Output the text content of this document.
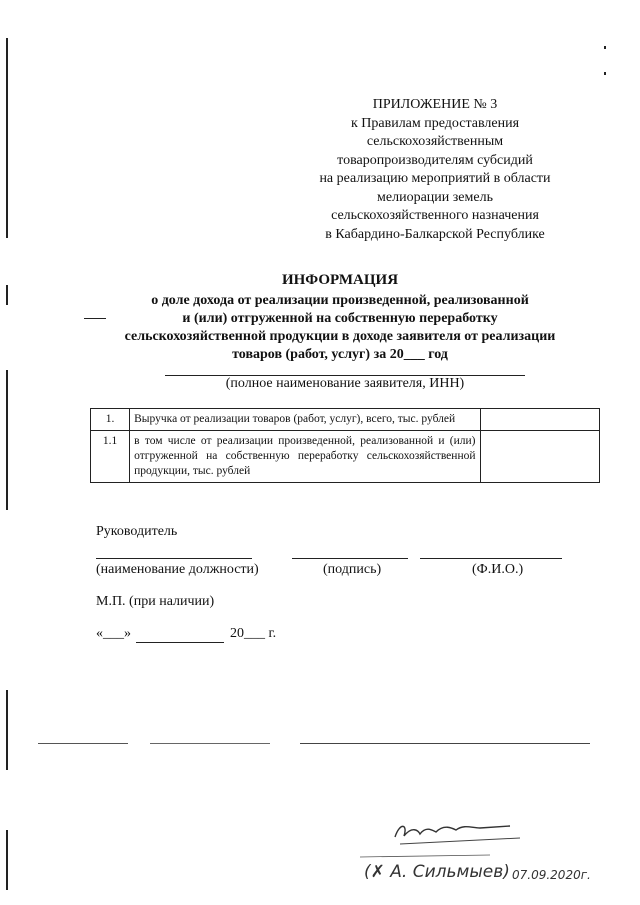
ПРИЛОЖЕНИЕ № 3
к Правилам предоставления
сельскохозяйственным
товаропроизводителям субсидий
на реализацию мероприятий в области
мелиорации земель
сельскохозяйственного назначения
в Кабардино-Балкарской Республике
ИНФОРМАЦИЯ
о доле дохода от реализации произведенной, реализованной
и (или) отгруженной на собственную переработку
сельскохозяйственной продукции в доходе заявителя от реализации
товаров (работ, услуг) за 20___ год
(полное наименование заявителя, ИНН)
1.	Выручка от реализации товаров (работ, услуг), всего, тыс. рублей	
1.1	в том числе от реализации произведенной, реализованной и (или) отгруженной на собственную переработку сельскохозяйственной продукции, тыс. рублей	
Руководитель
(наименование должности)	(подпись)	(Ф.И.О.)
М.П. (при наличии)
«___»	20___ г.
(✗ А. Сильмыев) 07.09.2020г.
